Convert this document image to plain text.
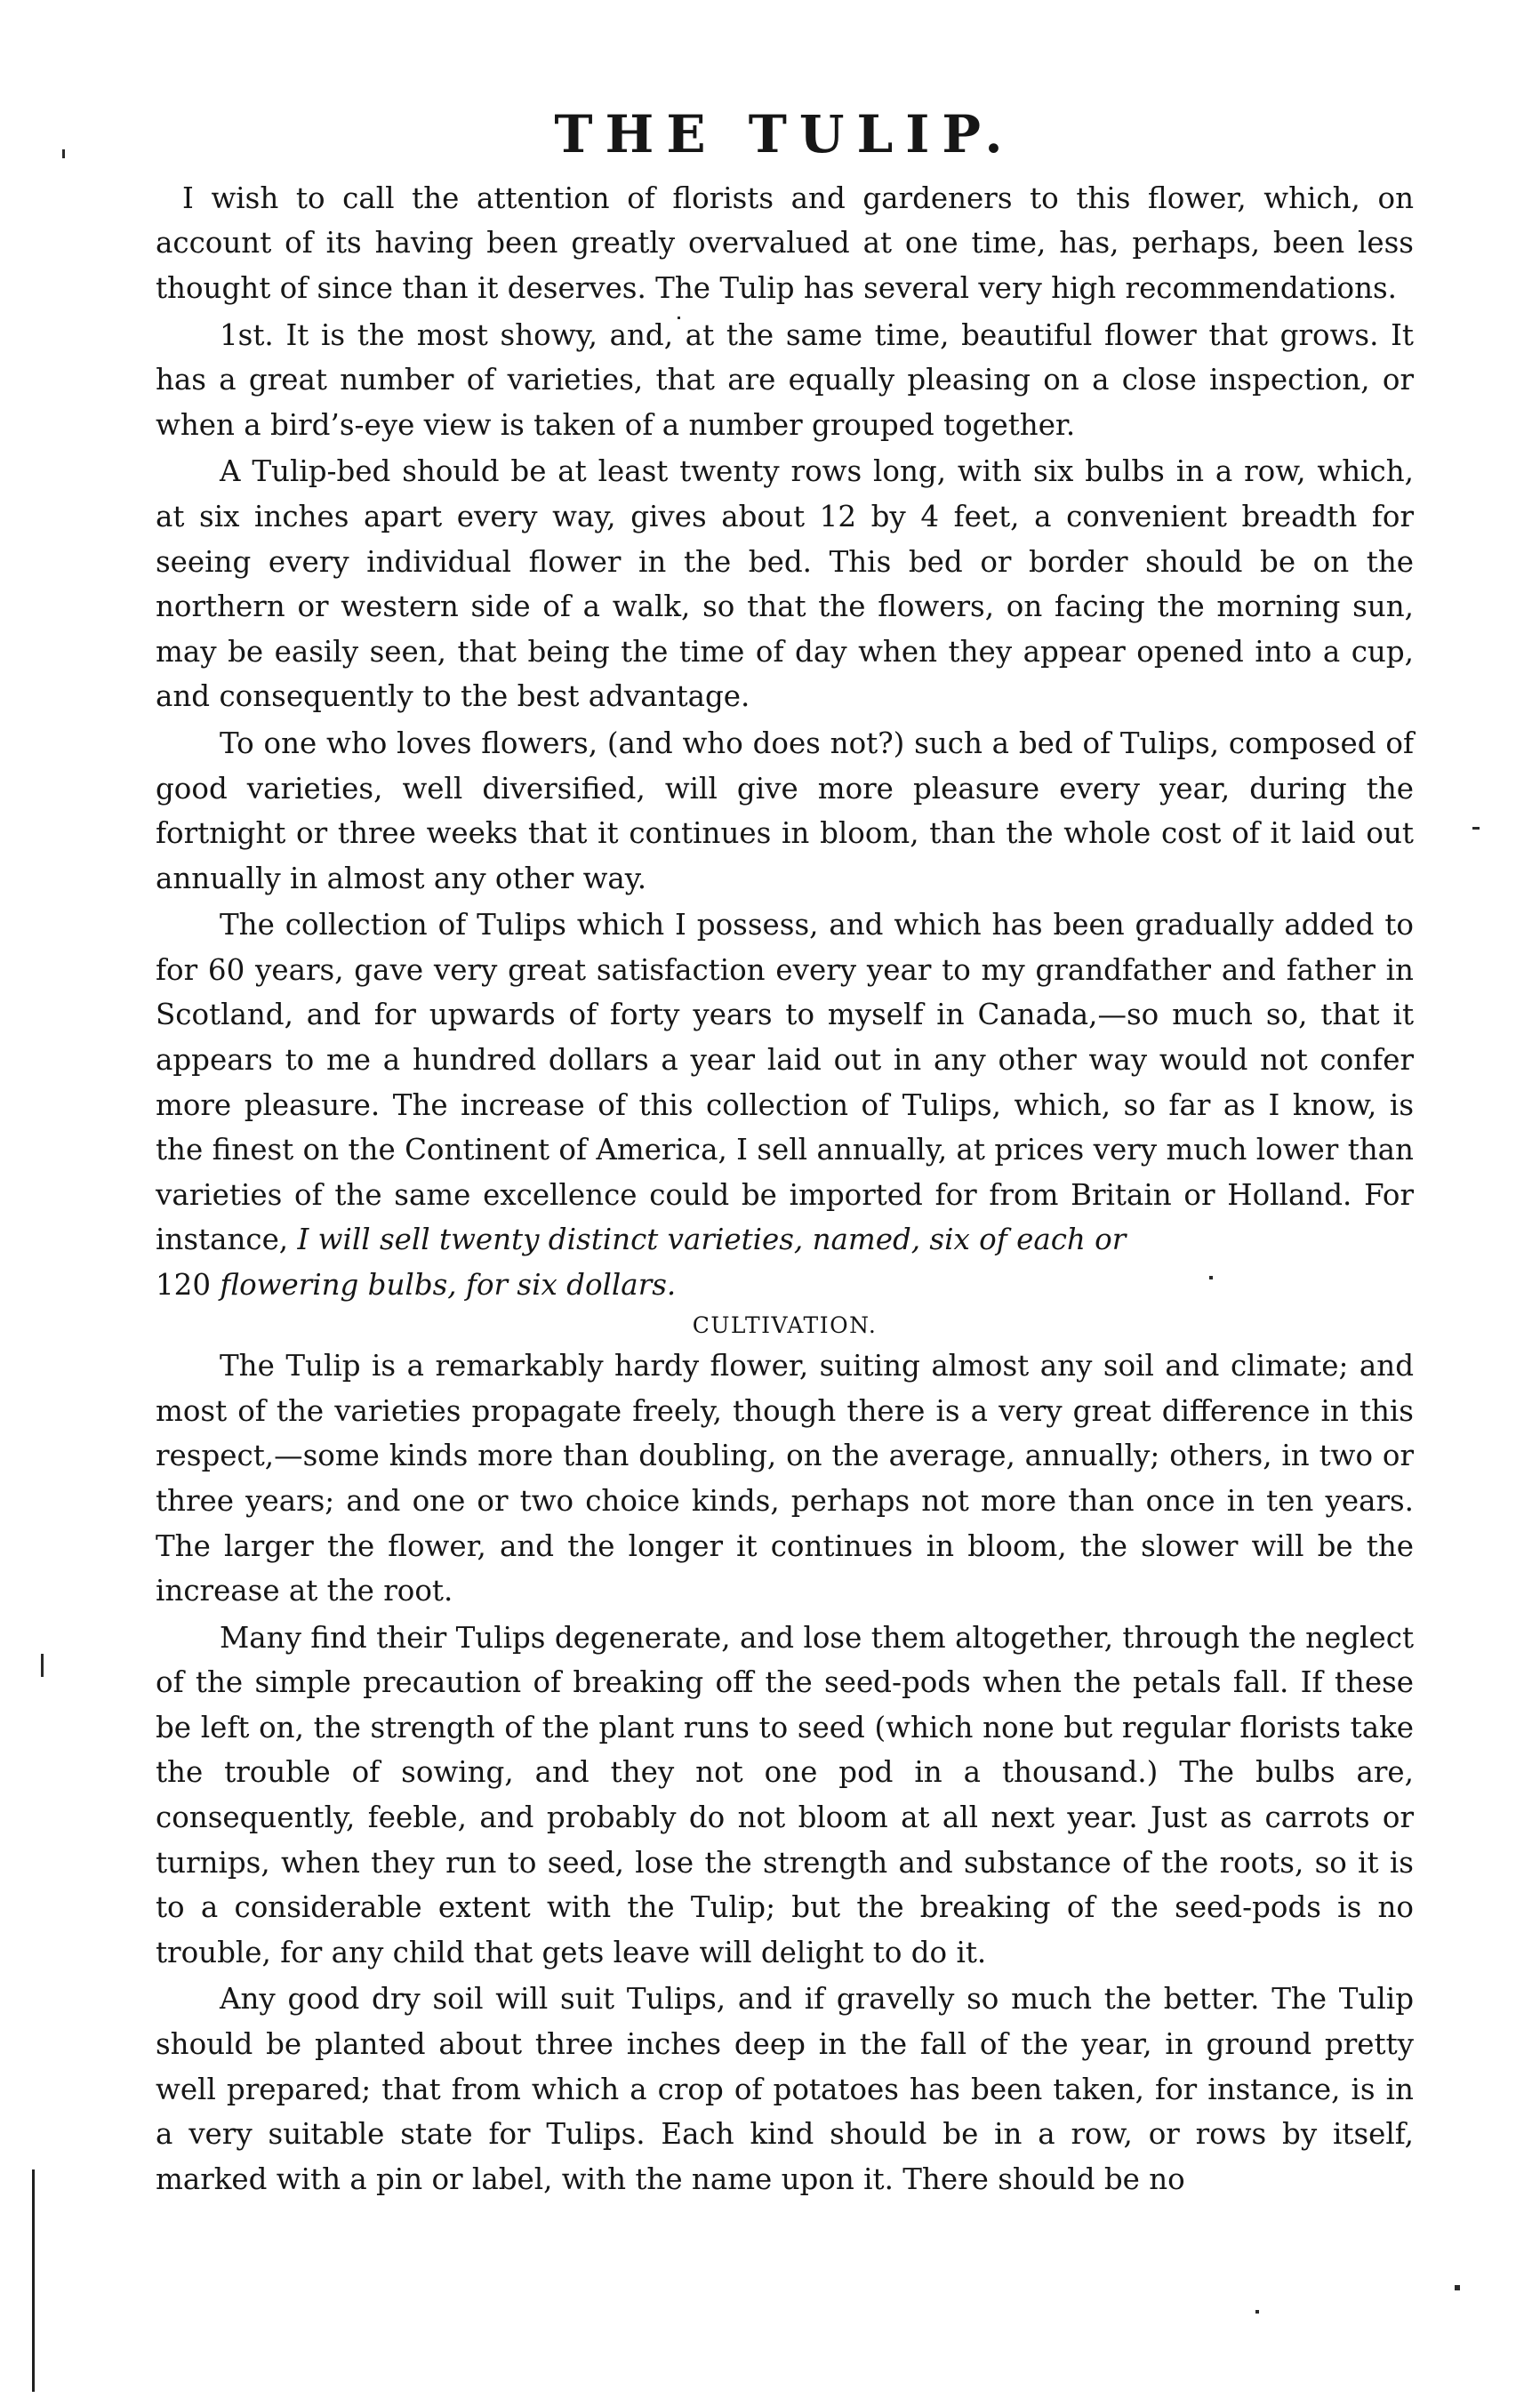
THE TULIP.

I wish to call the attention of florists and gardeners to this flower, which, on account of its having been greatly overvalued at one time, has, perhaps, been less thought of since than it deserves. The Tulip has several very high recommendations.

1st. It is the most showy, and, at the same time, beautiful flower that grows. It has a great number of varieties, that are equally pleasing on a close inspection, or when a bird’s-eye view is taken of a number grouped together.

A Tulip-bed should be at least twenty rows long, with six bulbs in a row, which, at six inches apart every way, gives about 12 by 4 feet, a convenient breadth for seeing every individual flower in the bed. This bed or border should be on the northern or western side of a walk, so that the flowers, on facing the morning sun, may be easily seen, that being the time of day when they appear opened into a cup, and consequently to the best advantage.

To one who loves flowers, (and who does not?) such a bed of Tulips, composed of good varieties, well diversified, will give more pleasure every year, during the fortnight or three weeks that it continues in bloom, than the whole cost of it laid out annually in almost any other way.

The collection of Tulips which I possess, and which has been gradually added to for 60 years, gave very great satisfaction every year to my grandfather and father in Scotland, and for upwards of forty years to myself in Canada,—so much so, that it appears to me a hundred dollars a year laid out in any other way would not confer more pleasure. The increase of this collection of Tulips, which, so far as I know, is the finest on the Continent of America, I sell annually, at prices very much lower than varieties of the same excellence could be imported for from Britain or Holland. For instance, I will sell twenty distinct varieties, named, six of each or
120 flowering bulbs, for six dollars.

CULTIVATION.

The Tulip is a remarkably hardy flower, suiting almost any soil and climate; and most of the varieties propagate freely, though there is a very great difference in this respect,—some kinds more than doubling, on the average, annually; others, in two or three years; and one or two choice kinds, perhaps not more than once in ten years. The larger the flower, and the longer it continues in bloom, the slower will be the increase at the root.

Many find their Tulips degenerate, and lose them altogether, through the neglect of the simple precaution of breaking off the seed-pods when the petals fall. If these be left on, the strength of the plant runs to seed (which none but regular florists take the trouble of sowing, and they not one pod in a thousand.) The bulbs are, consequently, feeble, and probably do not bloom at all next year. Just as carrots or turnips, when they run to seed, lose the strength and substance of the roots, so it is to a considerable extent with the Tulip; but the breaking of the seed-pods is no trouble, for any child that gets leave will delight to do it.

Any good dry soil will suit Tulips, and if gravelly so much the better. The Tulip should be planted about three inches deep in the fall of the year, in ground pretty well prepared; that from which a crop of potatoes has been taken, for instance, is in a very suitable state for Tulips. Each kind should be in a row, or rows by itself, marked with a pin or label, with the name upon it. There should be no
